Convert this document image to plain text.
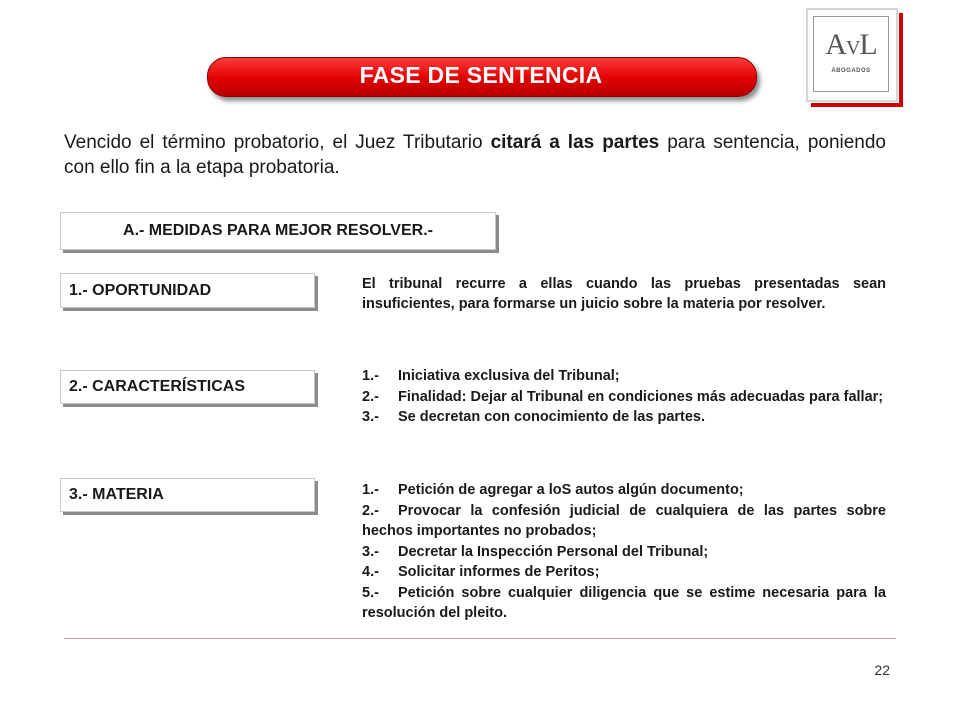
FASE DE SENTENCIA
AVL
ABOGADOS
Vencido el término probatorio, el Juez Tributario citará a las partes para sentencia, poniendo con ello fin a la etapa probatoria.
A.- MEDIDAS PARA MEJOR RESOLVER.-
1.- OPORTUNIDAD	El tribunal recurre a ellas cuando las pruebas presentadas sean insuficientes, para formarse un juicio sobre la materia por resolver.
2.- CARACTERÍSTICAS
1.- Iniciativa exclusiva del Tribunal;
2.- Finalidad: Dejar al Tribunal en condiciones más adecuadas para fallar;
3.- Se decretan con conocimiento de las partes.
3.- MATERIA	1.- Petición de agregar a loS autos algún documento;
2.- Provocar la confesión judicial de cualquiera de las partes sobre hechos importantes no probados;
3.- Decretar la Inspección Personal del Tribunal;
4.- Solicitar informes de Peritos;
5.- Petición sobre cualquier diligencia que se estime necesaria para la resolución del pleito.
22
